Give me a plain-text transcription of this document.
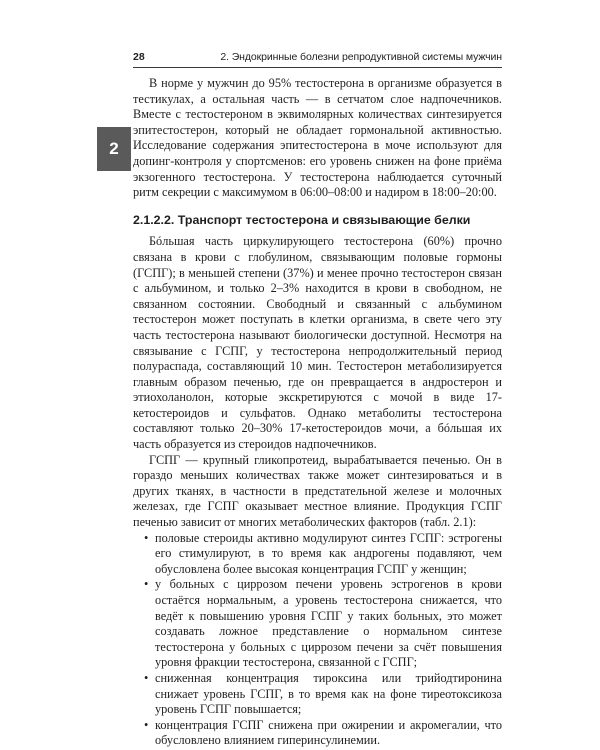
28	2. Эндокринные болезни репродуктивной системы мужчин
2

В норме у мужчин до 95% тестостерона в организме образуется в тестикулах, а остальная часть — в сетчатом слое надпочечников. Вместе с тестостероном в эквимолярных количествах синтезируется эпитестостерон, который не обладает гормональной активностью. Исследование содержания эпитестостерона в моче используют для допинг-контроля у спортсменов: его уровень снижен на фоне приёма экзогенного тестостерона. У тестостерона наблюдается суточный ритм секреции с максимумом в 06:00–08:00 и надиром в 18:00–20:00.

2.1.2.2. Транспорт тестостерона и связывающие белки

Бóльшая часть циркулирующего тестостерона (60%) прочно связана в крови с глобулином, связывающим половые гормоны (ГСПГ); в меньшей степени (37%) и менее прочно тестостерон связан с альбумином, и только 2–3% находится в крови в свободном, не связанном состоянии. Свободный и связанный с альбумином тестостерон может поступать в клетки организма, в свете чего эту часть тестостерона называют биологически доступной. Несмотря на связывание с ГСПГ, у тестостерона непродолжительный период полураспада, составляющий 10 мин. Тестостерон метаболизируется главным образом печенью, где он превращается в андростерон и этиохоланолон, которые экскретируются с мочой в виде 17-кетостероидов и сульфатов. Однако метаболиты тестостерона составляют только 20–30% 17-кетостероидов мочи, а бóльшая их часть образуется из стероидов надпочечников.

ГСПГ — крупный гликопротеид, вырабатывается печенью. Он в гораздо меньших количествах также может синтезироваться и в других тканях, в частности в предстательной железе и молочных железах, где ГСПГ оказывает местное влияние. Продукция ГСПГ печенью зависит от многих метаболических факторов (табл. 2.1):

• половые стероиды активно модулируют синтез ГСПГ: эстрогены его стимулируют, в то время как андрогены подавляют, чем обусловлена более высокая концентрация ГСПГ у женщин;
• у больных с циррозом печени уровень эстрогенов в крови остаётся нормальным, а уровень тестостерона снижается, что ведёт к повышению уровня ГСПГ у таких больных, это может создавать ложное представление о нормальном синтезе тестостерона у больных с циррозом печени за счёт повышения уровня фракции тестостерона, связанной с ГСПГ;
• сниженная концентрация тироксина или трийодтиронина снижает уровень ГСПГ, в то время как на фоне тиреотоксикоза уровень ГСПГ повышается;
• концентрация ГСПГ снижена при ожирении и акромегалии, что обусловлено влиянием гиперинсулинемии.
